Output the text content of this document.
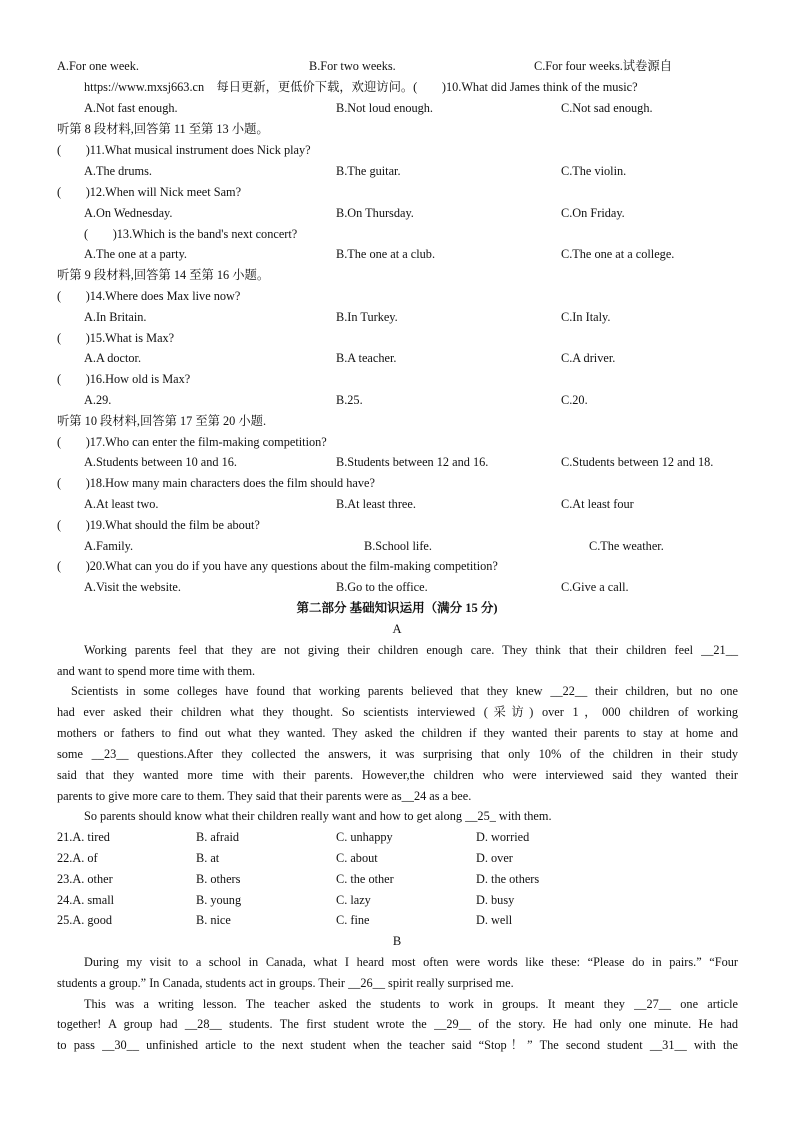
A.For one week.	B.For two weeks.	C.For four weeks.试卷源自
https://www.mxsj663.cn　每日更新，更低价下载，欢迎访问。(　　)10.What did James think of the music?
A.Not fast enough.	B.Not loud enough.	C.Not sad enough.
听第 8 段材料,回答第 11 至第 13 小题。
(　　)11.What musical instrument does Nick play?
A.The drums.	B.The guitar.	C.The violin.
(　　)12.When will Nick meet Sam?
A.On Wednesday.	B.On Thursday.	C.On Friday.
(　　)13.Which is the band's next concert?
A.The one at a party.	B.The one at a club.	C.The one at a college.
听第 9 段材料,回答第 14 至第 16 小题。
(　　)14.Where does Max live now?
A.In Britain.	B.In Turkey.	C.In Italy.
(　　)15.What is Max?
A.A doctor.	B.A teacher.	C.A driver.
(　　)16.How old is Max?
A.29.	B.25.	C.20.
听第 10 段材料,回答第 17 至第 20 小题.
(　　)17.Who can enter the film-making competition?
A.Students between 10 and 16.	B.Students between 12 and 16.	C.Students between 12 and 18.
(　　)18.How many main characters does the film should have?
A.At least two.	B.At least three.	C.At least four
(　　)19.What should the film be about?
A.Family.	B.School life.	C.The weather.
(　　)20.What can you do if you have any questions about the film-making competition?
A.Visit the website.	B.Go to the office.	C.Give a call.
第二部分 基础知识运用（满分 15 分)
A
Working parents feel that they are not giving their children enough care. They think that their children feel __21__
and want to spend more time with them.
Scientists in some colleges have found that working parents believed that they knew __22__ their children, but no one
had ever asked their children what they thought. So scientists interviewed (采访) over 1，000 children of working
mothers or fathers to find out what they wanted. They asked the children if they wanted their parents to stay at home and
some __23__ questions.After they collected the answers, it was surprising that only 10% of the children in their study
said that they wanted more time with their parents. However,the children who were interviewed said they wanted their
parents to give more care to them. They said that their parents were as__24 as a bee.
So parents should know what their children really want and how to get along __25_ with them.
21.A. tired	B. afraid	C. unhappy	D. worried
22.A. of	B. at	C. about	D. over
23.A. other	B. others	C. the other	D. the others
24.A. small	B. young	C. lazy	D. busy
25.A. good	B. nice	C. fine	D. well
B
During my visit to a school in Canada, what I heard most often were words like these: “Please do in pairs.” “Four
students a group.” In Canada, students act in groups. Their __26__ spirit really surprised me.
This was a writing lesson. The teacher asked the students to work in groups. It meant they __27__ one article
together! A group had __28__ students. The first student wrote the __29__ of the story. He had only one minute. He had
to pass __30__ unfinished article to the next student when the teacher said “Stop！” The second student __31__ with the
